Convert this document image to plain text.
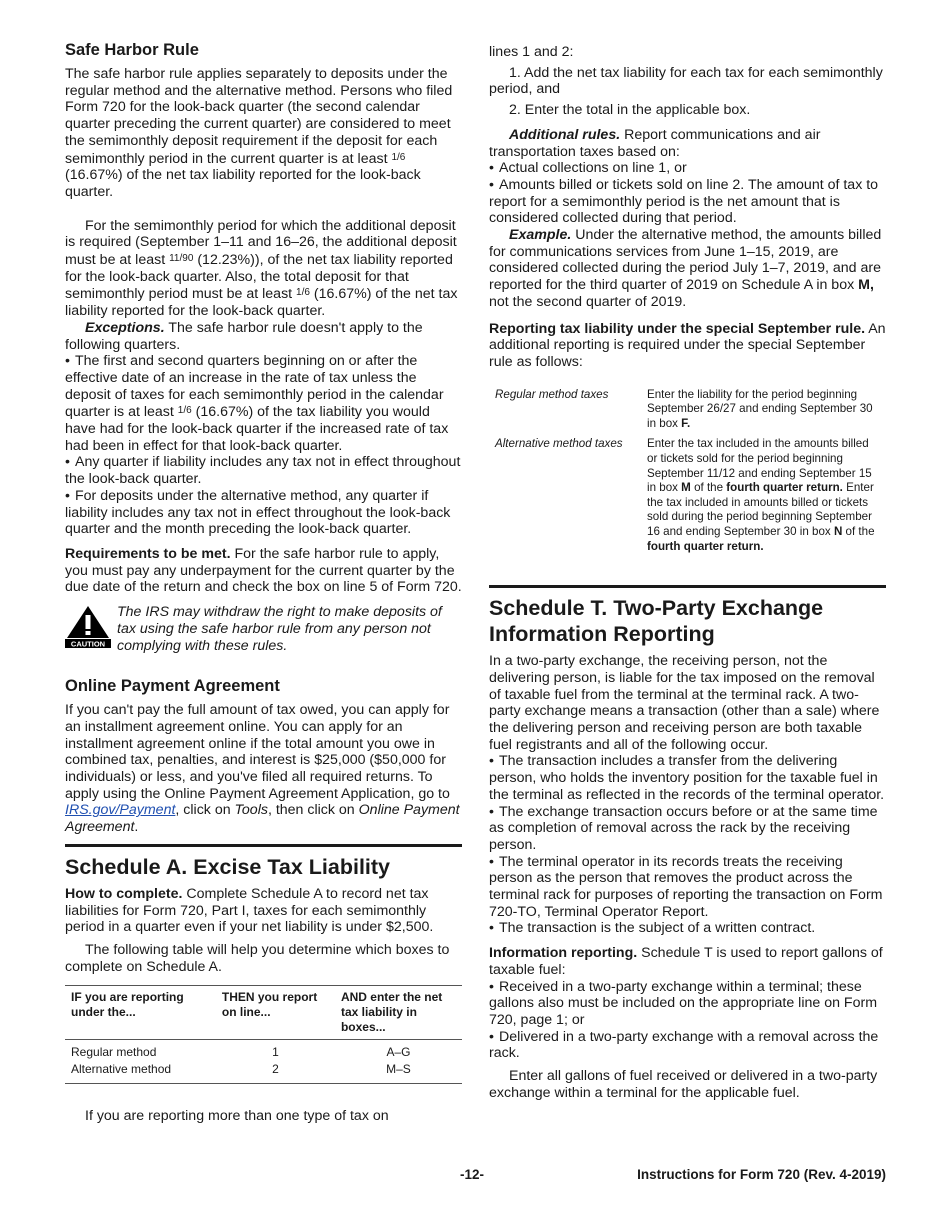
Safe Harbor Rule

The safe harbor rule applies separately to deposits under the regular method and the alternative method. Persons who filed Form 720 for the look-back quarter (the second calendar quarter preceding the current quarter) are considered to meet the semimonthly deposit requirement if the deposit for each semimonthly period in the current quarter is at least $^{1/6}$ (16.67%) of the net tax liability reported for the look-back quarter.

For the semimonthly period for which the additional deposit is required (September 1–11 and 16–26, the additional deposit must be at least $^{11/90}$ (12.23%)), of the net tax liability reported for the look-back quarter. Also, the total deposit for that semimonthly period must be at least $^{1/6}$ (16.67%) of the net tax liability reported for the look-back quarter.

Exceptions. The safe harbor rule doesn't apply to the following quarters.

• The first and second quarters beginning on or after the effective date of an increase in the rate of tax unless the deposit of taxes for each semimonthly period in the calendar quarter is at least $^{1/6}$ (16.67%) of the tax liability you would have had for the look-back quarter if the increased rate of tax had been in effect for that look-back quarter.

• Any quarter if liability includes any tax not in effect throughout the look-back quarter.

• For deposits under the alternative method, any quarter if liability includes any tax not in effect throughout the look-back quarter and the month preceding the look-back quarter.

Requirements to be met. For the safe harbor rule to apply, you must pay any underpayment for the current quarter by the due date of the return and check the box on line 5 of Form 720.

CAUTION

The IRS may withdraw the right to make deposits of tax using the safe harbor rule from any person not complying with these rules.

Online Payment Agreement

If you can't pay the full amount of tax owed, you can apply for an installment agreement online. You can apply for an installment agreement online if the total amount you owe in combined tax, penalties, and interest is $25,000 ($50,000 for individuals) or less, and you've filed all required returns. To apply using the Online Payment Agreement Application, go to IRS.gov/Payment, click on Tools, then click on Online Payment Agreement.

Schedule A. Excise Tax Liability

How to complete. Complete Schedule A to record net tax liabilities for Form 720, Part I, taxes for each semimonthly period in a quarter even if your net liability is under $2,500.

The following table will help you determine which boxes to complete on Schedule A.

IF you are reporting under the...	THEN you report on line...	AND enter the net tax liability in boxes...
Regular method	1	A–G
Alternative method	2	M–S

If you are reporting more than one type of tax on

lines 1 and 2:

1. Add the net tax liability for each tax for each semimonthly period, and

2. Enter the total in the applicable box.

Additional rules. Report communications and air transportation taxes based on:

• Actual collections on line 1, or

• Amounts billed or tickets sold on line 2. The amount of tax to report for a semimonthly period is the net amount that is considered collected during that period.

Example. Under the alternative method, the amounts billed for communications services from June 1–15, 2019, are considered collected during the period July 1–7, 2019, and are reported for the third quarter of 2019 on Schedule A in box M, not the second quarter of 2019.

Reporting tax liability under the special September rule. An additional reporting is required under the special September rule as follows:

Regular method taxes	Enter the liability for the period beginning September 26/27 and ending September 30 in box F.
Alternative method taxes	Enter the tax included in the amounts billed or tickets sold for the period beginning September 11/12 and ending September 15 in box M of the fourth quarter return. Enter the tax included in amounts billed or tickets sold during the period beginning September 16 and ending September 30 in box N of the fourth quarter return.
Schedule T. Two-Party Exchange Information Reporting

In a two-party exchange, the receiving person, not the delivering person, is liable for the tax imposed on the removal of taxable fuel from the terminal at the terminal rack. A two-party exchange means a transaction (other than a sale) where the delivering person and receiving person are both taxable fuel registrants and all of the following occur.

• The transaction includes a transfer from the delivering person, who holds the inventory position for the taxable fuel in the terminal as reflected in the records of the terminal operator.

• The exchange transaction occurs before or at the same time as completion of removal across the rack by the receiving person.

• The terminal operator in its records treats the receiving person as the person that removes the product across the terminal rack for purposes of reporting the transaction on Form 720-TO, Terminal Operator Report.

• The transaction is the subject of a written contract.

Information reporting. Schedule T is used to report gallons of taxable fuel:

• Received in a two-party exchange within a terminal; these gallons also must be included on the appropriate line on Form 720, page 1; or

• Delivered in a two-party exchange with a removal across the rack.

Enter all gallons of fuel received or delivered in a two-party exchange within a terminal for the applicable fuel.

-12-	Instructions for Form 720 (Rev. 4-2019)
